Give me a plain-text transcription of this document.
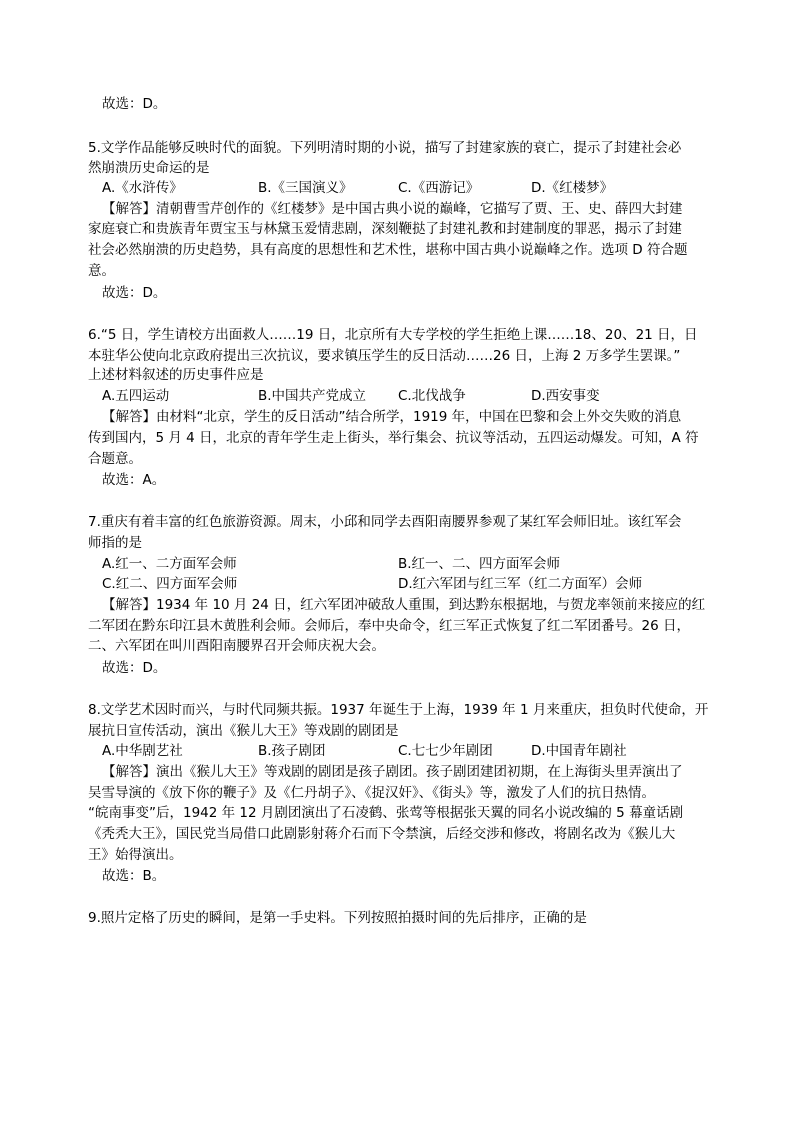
故选：D。
5.文学作品能够反映时代的面貌。下列明清时期的小说，描写了封建家族的衰亡，提示了封建社会必
然崩溃历史命运的是
A.《水浒传》	B.《三国演义》	C.《西游记》	D.《红楼梦》
【解答】清朝曹雪芹创作的《红楼梦》是中国古典小说的巅峰，它描写了贾、王、史、薛四大封建
家庭衰亡和贵族青年贾宝玉与林黛玉爱情悲剧，深刻鞭挞了封建礼教和封建制度的罪恶，揭示了封建
社会必然崩溃的历史趋势，具有高度的思想性和艺术性，堪称中国古典小说巅峰之作。选项 D 符合题
意。
故选：D。
6.“5 日，学生请校方出面救人……19 日，北京所有大专学校的学生拒绝上课……18、20、21 日，日
本驻华公使向北京政府提出三次抗议，要求镇压学生的反日活动……26 日，上海 2 万多学生罢课。”
上述材料叙述的历史事件应是
A.五四运动	B.中国共产党成立 C.北伐战争	D.西安事变
【解答】由材料“北京，学生的反日活动”结合所学，1919 年，中国在巴黎和会上外交失败的消息
传到国内，5 月 4 日，北京的青年学生走上街头，举行集会、抗议等活动，五四运动爆发。可知，A 符
合题意。
故选：A。
7.重庆有着丰富的红色旅游资源。周末，小邱和同学去酉阳南腰界参观了某红军会师旧址。该红军会
师指的是
A.红一、二方面军会师	B.红一、二、四方面军会师
C.红二、四方面军会师	D.红六军团与红三军（红二方面军）会师
【解答】1934 年 10 月 24 日，红六军团冲破敌人重围，到达黔东根据地，与贺龙率领前来接应的红
二军团在黔东印江县木黄胜利会师。会师后，奉中央命令，红三军正式恢复了红二军团番号。26 日，
二、六军团在叫川酉阳南腰界召开会师庆祝大会。
故选：D。
8.文学艺术因时而兴，与时代同频共振。1937 年诞生于上海，1939 年 1 月来重庆，担负时代使命，开
展抗日宣传活动，演出《猴儿大王》等戏剧的剧团是
A.中华剧艺社	B.孩子剧团	C.七七少年剧团	D.中国青年剧社
【解答】演出《猴儿大王》等戏剧的剧团是孩子剧团。孩子剧团建团初期，在上海街头里弄演出了
吴雪导演的《放下你的鞭子》及《仁丹胡子》、《捉汉奸》、《街头》等，激发了人们的抗日热情。
“皖南事变”后，1942 年 12 月剧团演出了石凌鹤、张莺等根据张天翼的同名小说改编的 5 幕童话剧
《秃秃大王》，国民党当局借口此剧影射蒋介石而下令禁演，后经交涉和修改，将剧名改为《猴儿大
王》始得演出。
故选：B。
9.照片定格了历史的瞬间，是第一手史料。下列按照拍摄时间的先后排序，正确的是
